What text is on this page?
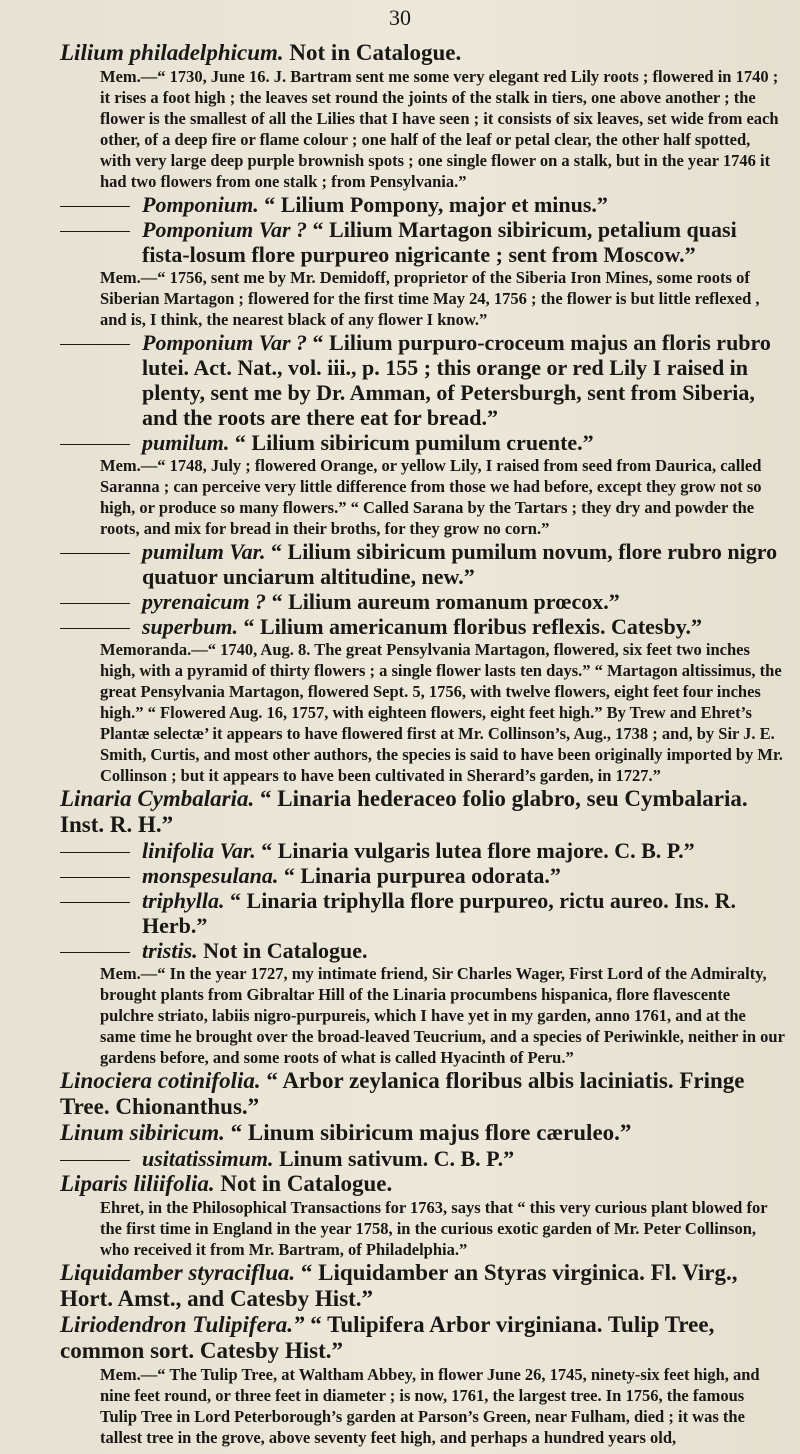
30
Lilium philadelphicum. Not in Catalogue.
Mem.—“ 1730, June 16. J. Bartram sent me some very elegant red Lily roots ; flowered in 1740 ; it rises a foot high ; the leaves set round the joints of the stalk in tiers, one above another ; the flower is the smallest of all the Lilies that I have seen ; it consists of six leaves, set wide from each other, of a deep fire or flame colour ; one half of the leaf or petal clear, the other half spotted, with very large deep purple brownish spots ; one single flower on a stalk, but in the year 1746 it had two flowers from one stalk ; from Pensylvania.”
Pomponium. “ Lilium Pompony, major et minus.”
Pomponium Var ? “ Lilium Martagon sibiricum, petalium quasi fista-losum flore purpureo nigricante ; sent from Moscow.”
Mem.—“ 1756, sent me by Mr. Demidoff, proprietor of the Siberia Iron Mines, some roots of Siberian Martagon ; flowered for the first time May 24, 1756 ; the flower is but little reflexed , and is, I think, the nearest black of any flower I know.”
Pomponium Var ? “ Lilium purpuro-croceum majus an floris rubro lutei. Act. Nat., vol. iii., p. 155 ; this orange or red Lily I raised in plenty, sent me by Dr. Amman, of Petersburgh, sent from Siberia, and the roots are there eat for bread.”
pumilum. “ Lilium sibiricum pumilum cruente.”
Mem.—“ 1748, July ; flowered Orange, or yellow Lily, I raised from seed from Daurica, called Saranna ; can perceive very little difference from those we had before, except they grow not so high, or produce so many flowers.” “ Called Sarana by the Tartars ; they dry and powder the roots, and mix for bread in their broths, for they grow no corn.”
pumilum Var. “ Lilium sibiricum pumilum novum, flore rubro nigro quatuor unciarum altitudine, new.”
pyrenaicum ? “ Lilium aureum romanum prœcox.”
superbum. “ Lilium americanum floribus reflexis. Catesby.”
Memoranda.—“ 1740, Aug. 8. The great Pensylvania Martagon, flowered, six feet two inches high, with a pyramid of thirty flowers ; a single flower lasts ten days.” “ Martagon altissimus, the great Pensylvania Martagon, flowered Sept. 5, 1756, with twelve flowers, eight feet four inches high.” “ Flowered Aug. 16, 1757, with eighteen flowers, eight feet high.” By Trew and Ehret’s Plantæ selectæ’ it appears to have flowered first at Mr. Collinson’s, Aug., 1738 ; and, by Sir J. E. Smith, Curtis, and most other authors, the species is said to have been originally imported by Mr. Collinson ; but it appears to have been cultivated in Sherard’s garden, in 1727.”
Linaria Cymbalaria. “ Linaria hederaceo folio glabro, seu Cymbalaria. Inst. R. H.”
linifolia Var. “ Linaria vulgaris lutea flore majore. C. B. P.”
monspesulana. “ Linaria purpurea odorata.”
triphylla. “ Linaria triphylla flore purpureo, rictu aureo. Ins. R. Herb.”
tristis. Not in Catalogue.
Mem.—“ In the year 1727, my intimate friend, Sir Charles Wager, First Lord of the Admiralty, brought plants from Gibraltar Hill of the Linaria procumbens hispanica, flore flavescente pulchre striato, labiis nigro-purpureis, which I have yet in my garden, anno 1761, and at the same time he brought over the broad-leaved Teucrium, and a species of Periwinkle, neither in our gardens before, and some roots of what is called Hyacinth of Peru.”
Linociera cotinifolia. “ Arbor zeylanica floribus albis laciniatis. Fringe Tree. Chionanthus.”
Linum sibiricum. “ Linum sibiricum majus flore cæruleo.”
usitatissimum. Linum sativum. C. B. P.”
Liparis liliifolia. Not in Catalogue.
Ehret, in the Philosophical Transactions for 1763, says that “ this very curious plant blowed for the first time in England in the year 1758, in the curious exotic garden of Mr. Peter Collinson, who received it from Mr. Bartram, of Philadelphia.”
Liquidamber styraciflua. “ Liquidamber an Styras virginica. Fl. Virg., Hort. Amst., and Catesby Hist.”
Liriodendron Tulipifera.” “ Tulipifera Arbor virginiana. Tulip Tree, common sort. Catesby Hist.”
Mem.—“ The Tulip Tree, at Waltham Abbey, in flower June 26, 1745, ninety-six feet high, and nine feet round, or three feet in diameter ; is now, 1761, the largest tree. In 1756, the famous Tulip Tree in Lord Peterborough’s garden at Parson’s Green, near Fulham, died ; it was the tallest tree in the grove, above seventy feet high, and perhaps a hundred years old,
